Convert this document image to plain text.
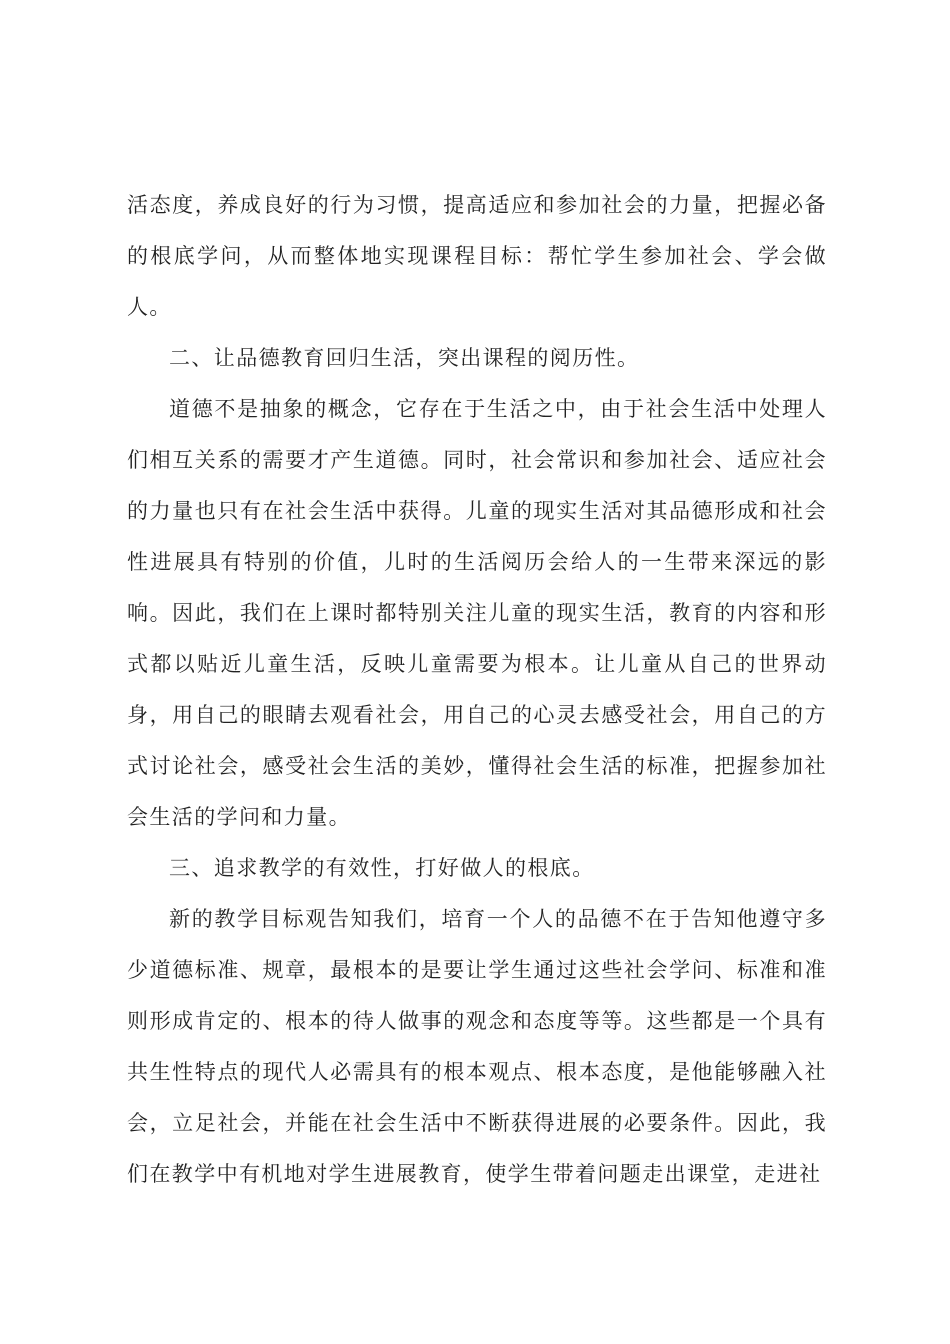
活态度，养成良好的行为习惯，提高适应和参加社会的力量，把握必备的根底学问，从而整体地实现课程目标：帮忙学生参加社会、学会做人。

二、让品德教育回归生活，突出课程的阅历性。

道德不是抽象的概念，它存在于生活之中，由于社会生活中处理人们相互关系的需要才产生道德。同时，社会常识和参加社会、适应社会的力量也只有在社会生活中获得。儿童的现实生活对其品德形成和社会性进展具有特别的价值，儿时的生活阅历会给人的一生带来深远的影响。因此，我们在上课时都特别关注儿童的现实生活，教育的内容和形式都以贴近儿童生活，反映儿童需要为根本。让儿童从自己的世界动身，用自己的眼睛去观看社会，用自己的心灵去感受社会，用自己的方式讨论社会，感受社会生活的美妙，懂得社会生活的标准，把握参加社会生活的学问和力量。

三、追求教学的有效性，打好做人的根底。

新的教学目标观告知我们，培育一个人的品德不在于告知他遵守多少道德标准、规章，最根本的是要让学生通过这些社会学问、标准和准则形成肯定的、根本的待人做事的观念和态度等等。这些都是一个具有共生性特点的现代人必需具有的根本观点、根本态度，是他能够融入社会，立足社会，并能在社会生活中不断获得进展的必要条件。因此，我们在教学中有机地对学生进展教育，使学生带着问题走出课堂，走进社
